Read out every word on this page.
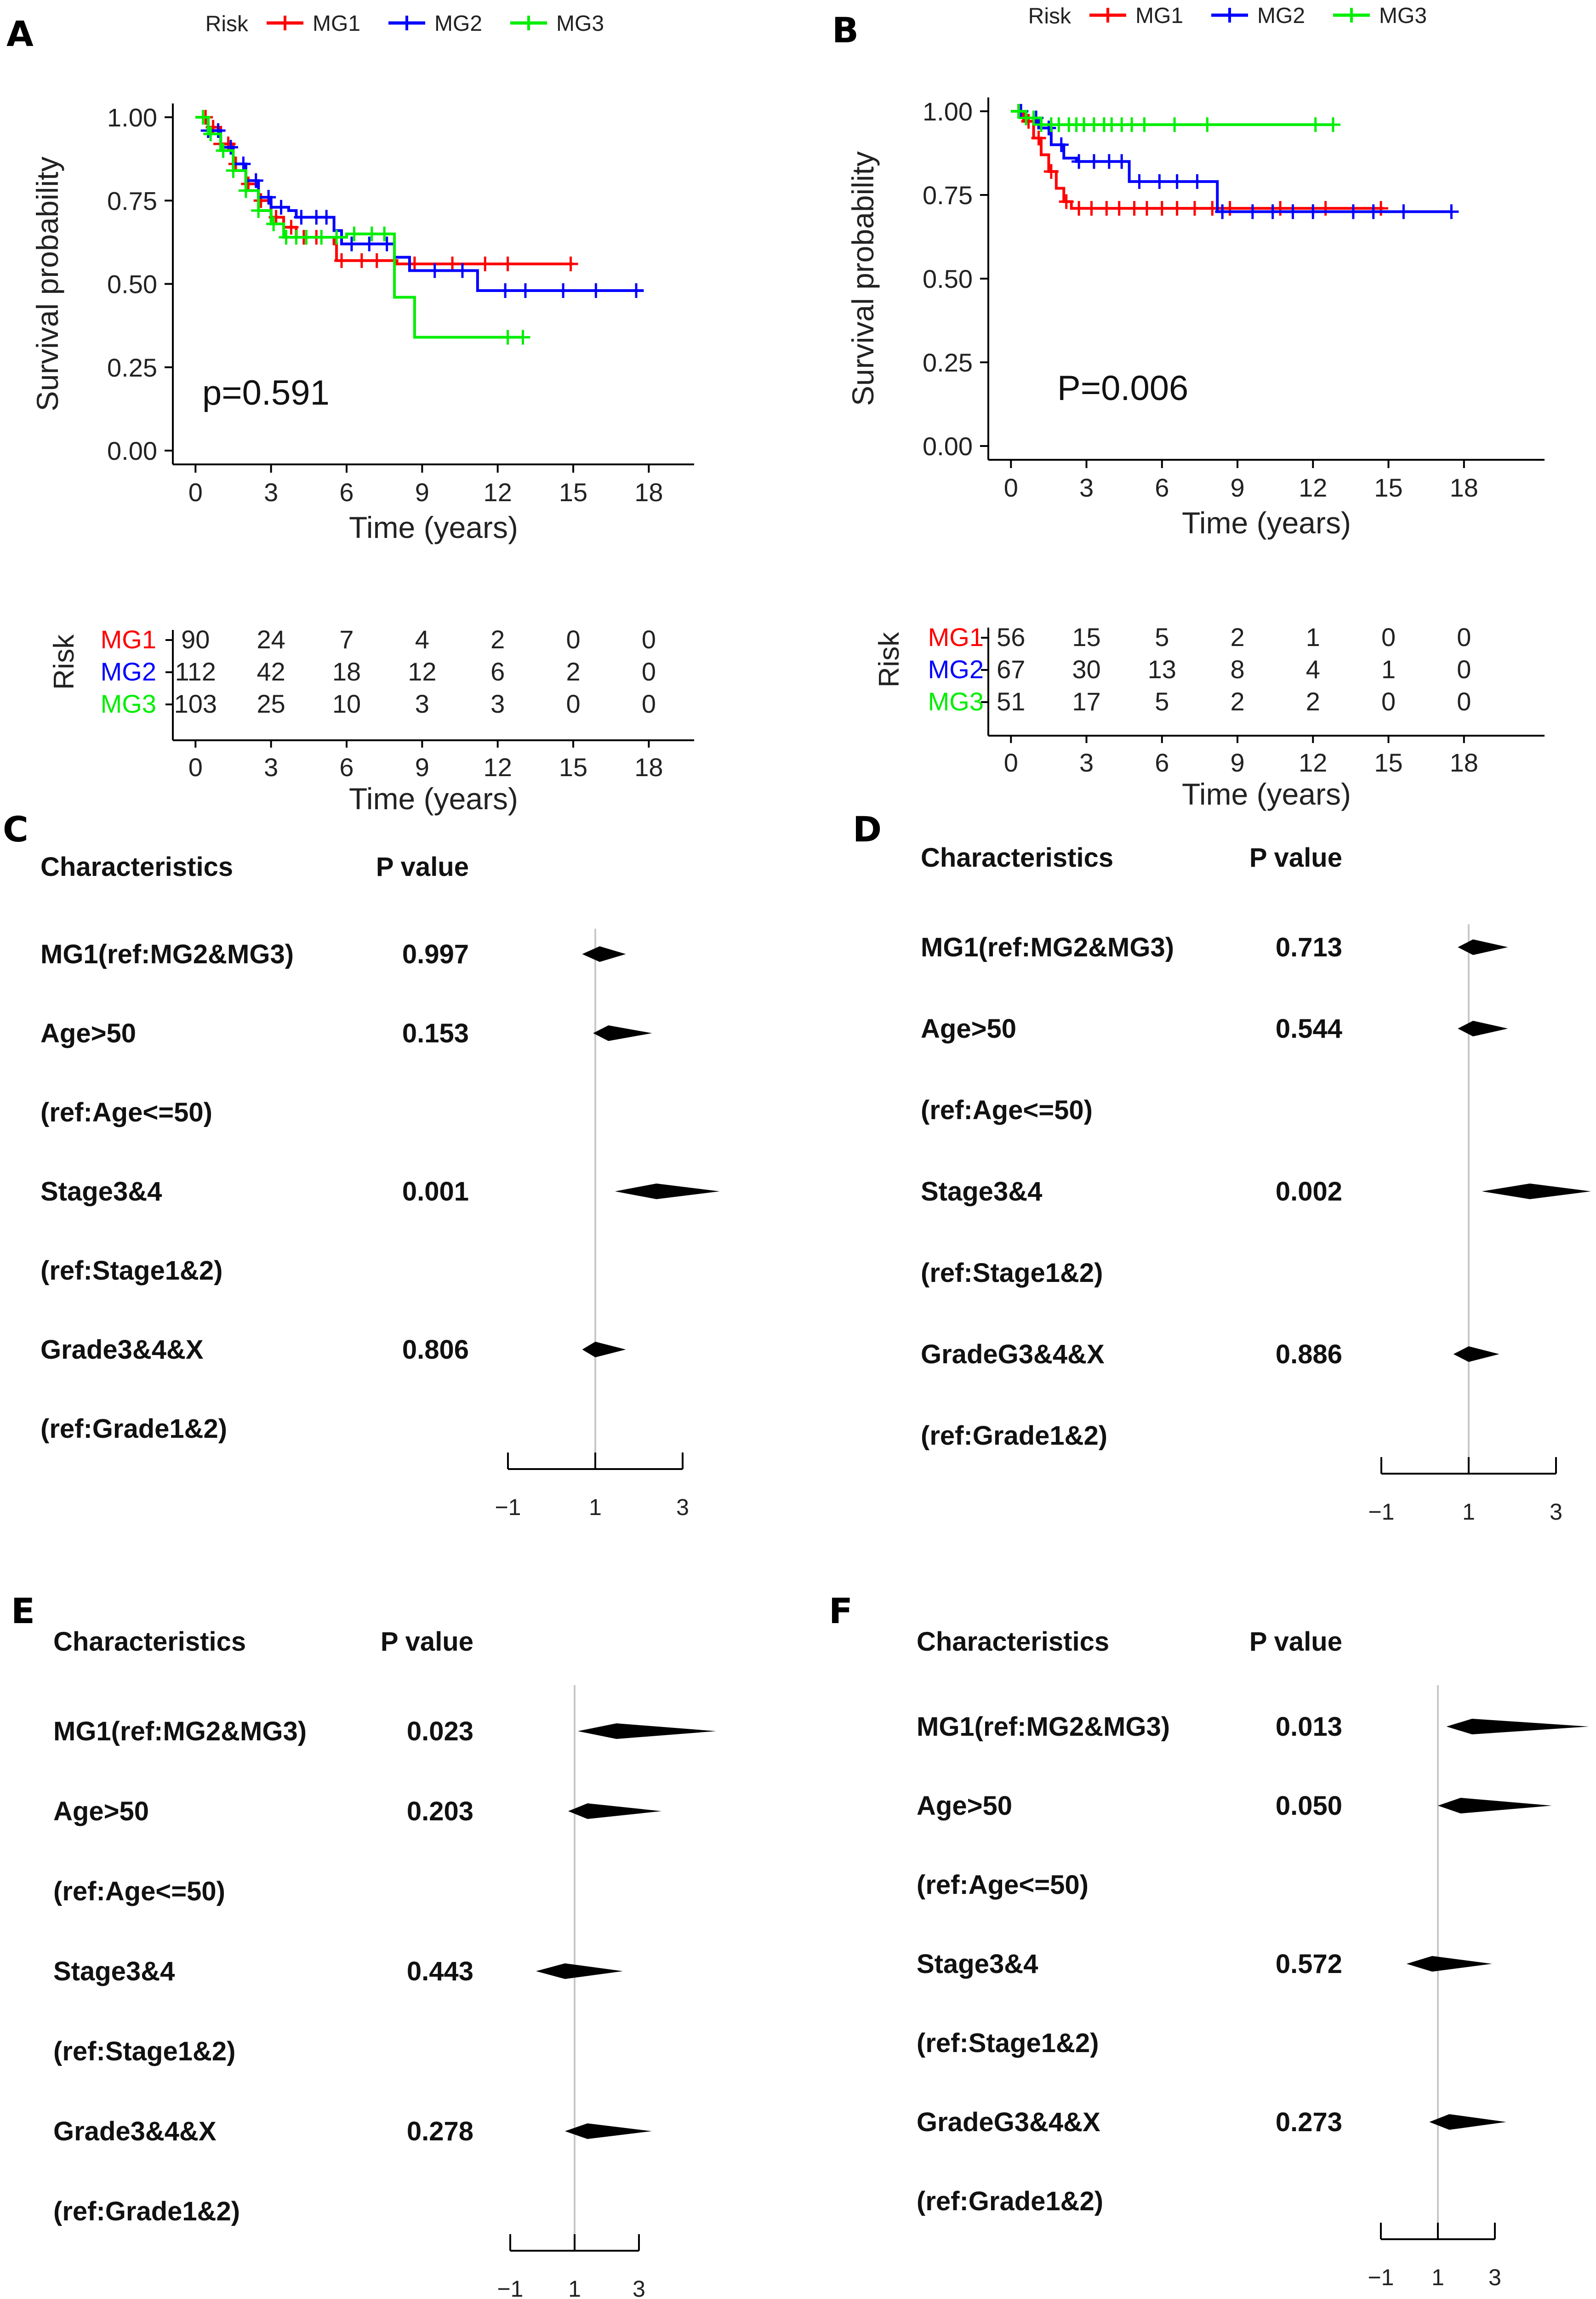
A	B
C	D
E	F
Risk	MG1	MG2	MG3
0.00
0.25
0.50
0.75
1.00
0 3 6 9 12 15 18
Time (years)
Survival probability	p=0.591
MG1 90 24 7 4 2 0 0
MG2 112 42 18 12 6 2 0
MG3 103 25 10 3 3 0 0
0 3 6 9 12 15 18
Time (years)
Risk
Risk	MG1	MG2	MG3
0.00
0.25
0.50
0.75
1.00
0 3 6 9 12 15 18
Time (years)
Survival probability	P=0.006
MG1 56 15 5 2 1 0 0
MG2 67 30 13 8 4 1 0
MG3 51 17 5 2 2 0 0
0 3 6 9 12 15 18
Time (years)
Risk
Characteristics	P value
MG1(ref:MG2&MG3)	0.997
Age>50	0.153
(ref:Age<=50)
Stage3&4	0.001
(ref:Stage1&2)
Grade3&4&X	0.806
(ref:Grade1&2)
−1	1	3
Characteristics	P value
MG1(ref:MG2&MG3)	0.713
Age>50	0.544
(ref:Age<=50)
Stage3&4	0.002
(ref:Stage1&2)
GradeG3&4&X	0.886
(ref:Grade1&2)
−1	1	3
Characteristics	P value
MG1(ref:MG2&MG3)	0.023
Age>50	0.203
(ref:Age<=50)
Stage3&4	0.443
(ref:Stage1&2)
Grade3&4&X	0.278
(ref:Grade1&2)
−1 1 3
Characteristics	P value
MG1(ref:MG2&MG3)	0.013
Age>50	0.050
(ref:Age<=50)
Stage3&4	0.572
(ref:Stage1&2)
GradeG3&4&X	0.273
(ref:Grade1&2)
−1 1 3
